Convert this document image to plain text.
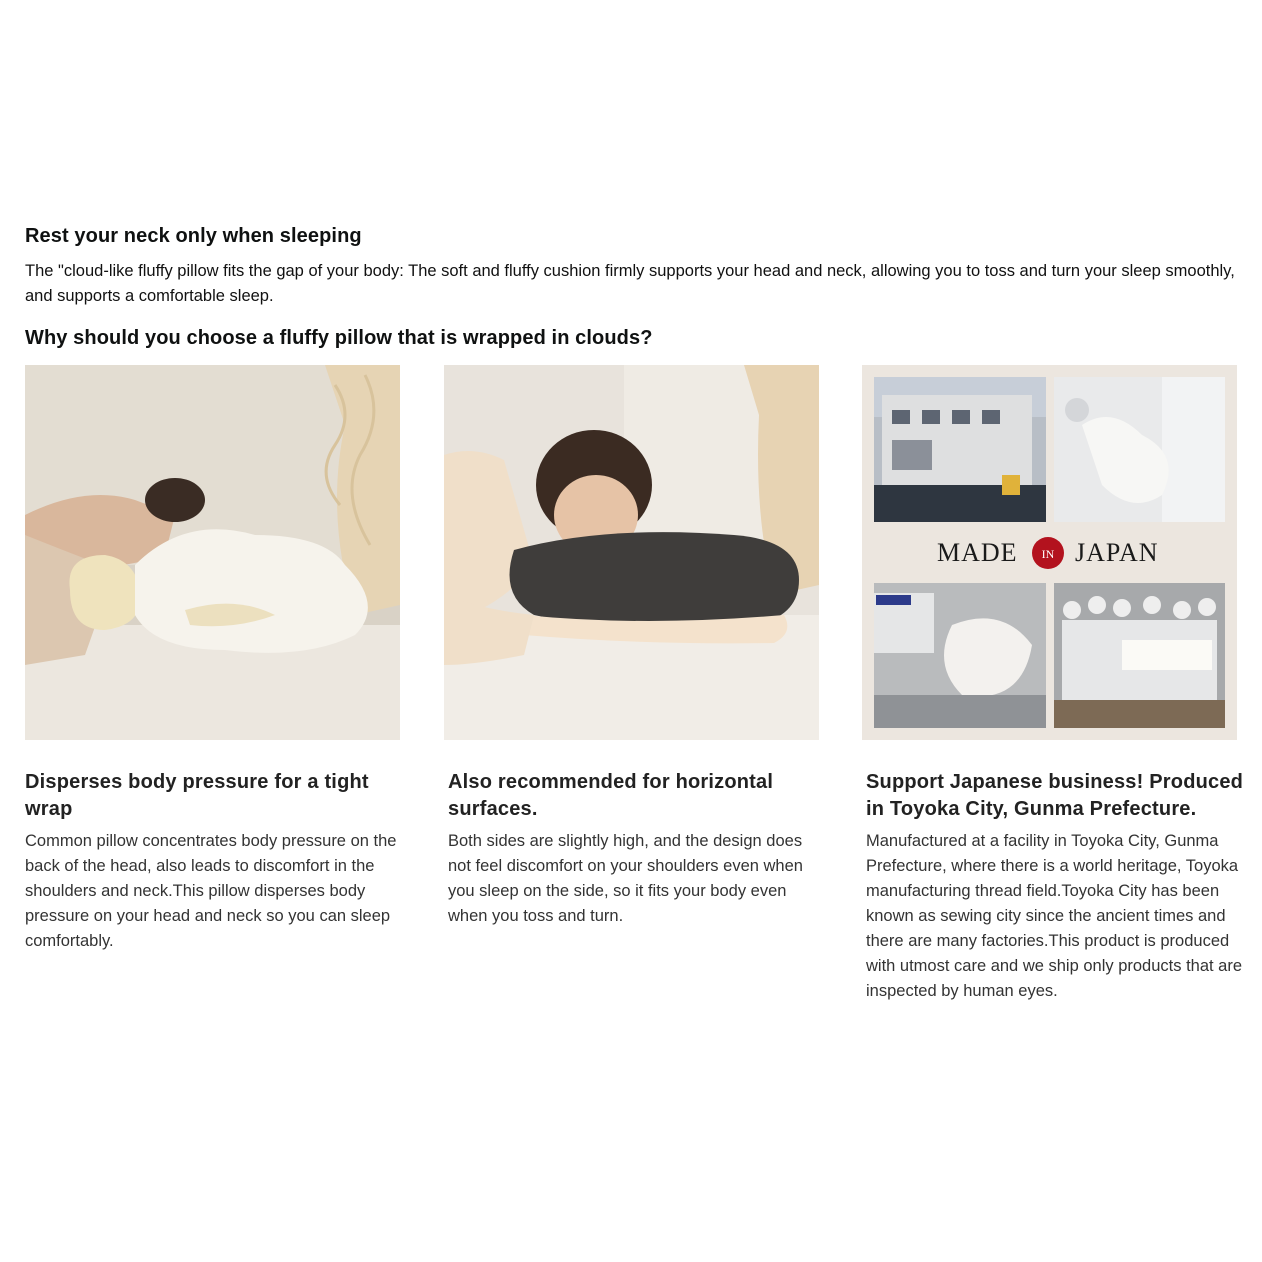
Rest your neck only when sleeping

The "cloud-like fluffy pillow fits the gap of your body: The soft and fluffy cushion firmly supports your head and neck, allowing you to toss and turn your sleep smoothly, and supports a comfortable sleep.

Why should you choose a fluffy pillow that is wrapped in clouds?
MADE IN JAPAN
Disperses body pressure for a tight wrap

Common pillow concentrates body pressure on the back of the head, also leads to discomfort in the shoulders and neck.This pillow disperses body pressure on your head and neck so you can sleep comfortably.

Also recommended for horizontal surfaces.

Both sides are slightly high, and the design does not feel discomfort on your shoulders even when you sleep on the side, so it fits your body even when you toss and turn.

Support Japanese business! Produced in Toyoka City, Gunma Prefecture.

Manufactured at a facility in Toyoka City, Gunma Prefecture, where there is a world heritage, Toyoka manufacturing thread field.Toyoka City has been known as sewing city since the ancient times and there are many factories.This product is produced with utmost care and we ship only products that are inspected by human eyes.
